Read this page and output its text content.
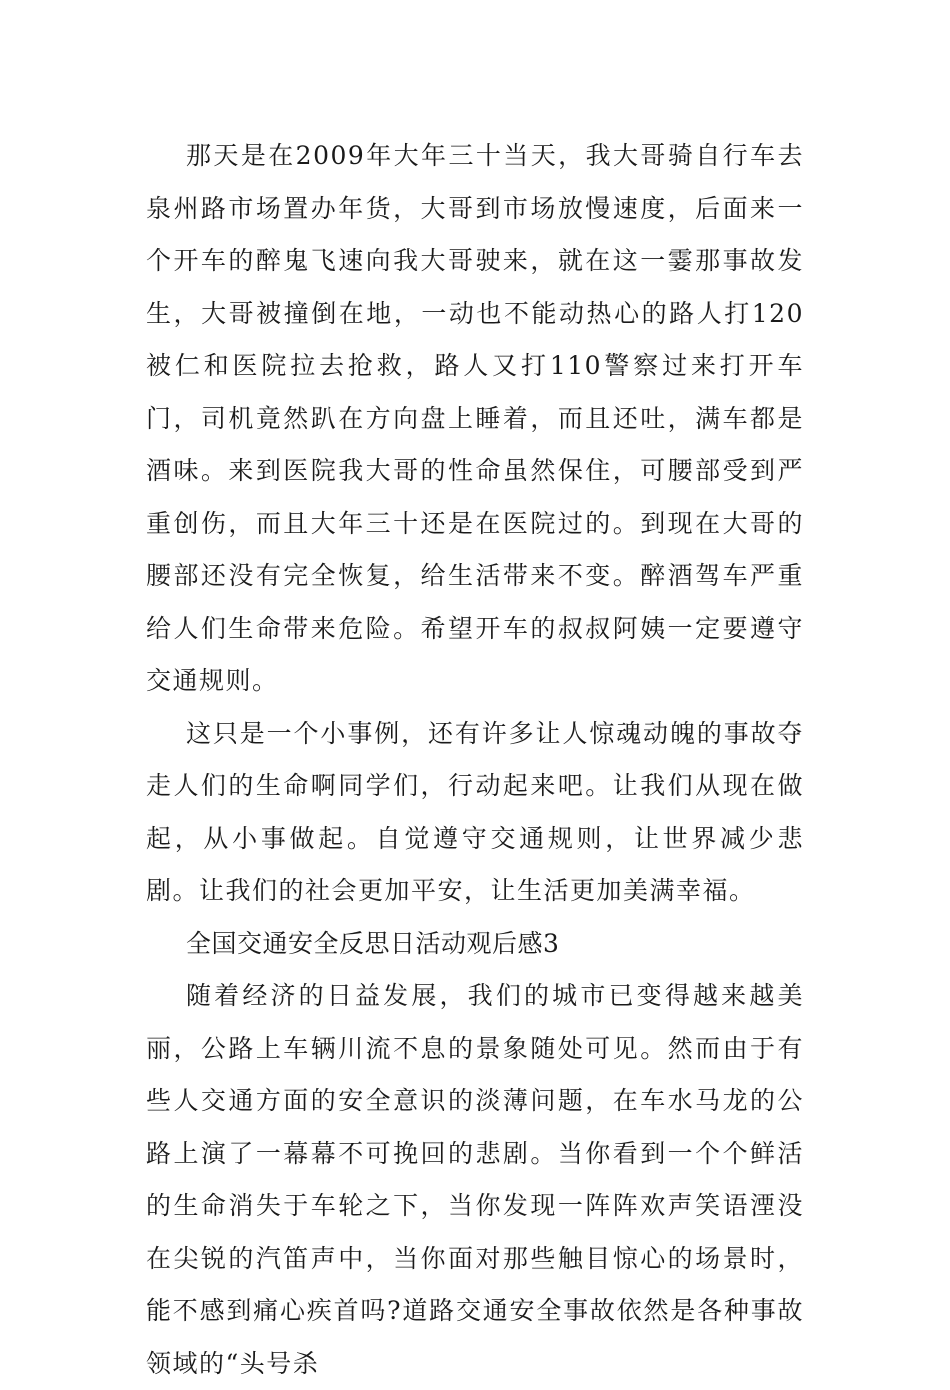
那天是在2009年大年三十当天，我大哥骑自行车去泉州路市场置办年货，大哥到市场放慢速度，后面来一个开车的醉鬼飞速向我大哥驶来，就在这一霎那事故发生，大哥被撞倒在地，一动也不能动热心的路人打120被仁和医院拉去抢救，路人又打110警察过来打开车门，司机竟然趴在方向盘上睡着，而且还吐，满车都是酒味。来到医院我大哥的性命虽然保住，可腰部受到严重创伤，而且大年三十还是在医院过的。到现在大哥的腰部还没有完全恢复，给生活带来不变。醉酒驾车严重给人们生命带来危险。希望开车的叔叔阿姨一定要遵守交通规则。

这只是一个小事例，还有许多让人惊魂动魄的事故夺走人们的生命啊同学们，行动起来吧。让我们从现在做起，从小事做起。自觉遵守交通规则，让世界减少悲剧。让我们的社会更加平安，让生活更加美满幸福。

全国交通安全反思日活动观后感3

随着经济的日益发展，我们的城市已变得越来越美丽，公路上车辆川流不息的景象随处可见。然而由于有些人交通方面的安全意识的淡薄问题，在车水马龙的公路上演了一幕幕不可挽回的悲剧。当你看到一个个鲜活的生命消失于车轮之下，当你发现一阵阵欢声笑语湮没在尖锐的汽笛声中，当你面对那些触目惊心的场景时，能不感到痛心疾首吗?道路交通安全事故依然是各种事故领域的“头号杀
